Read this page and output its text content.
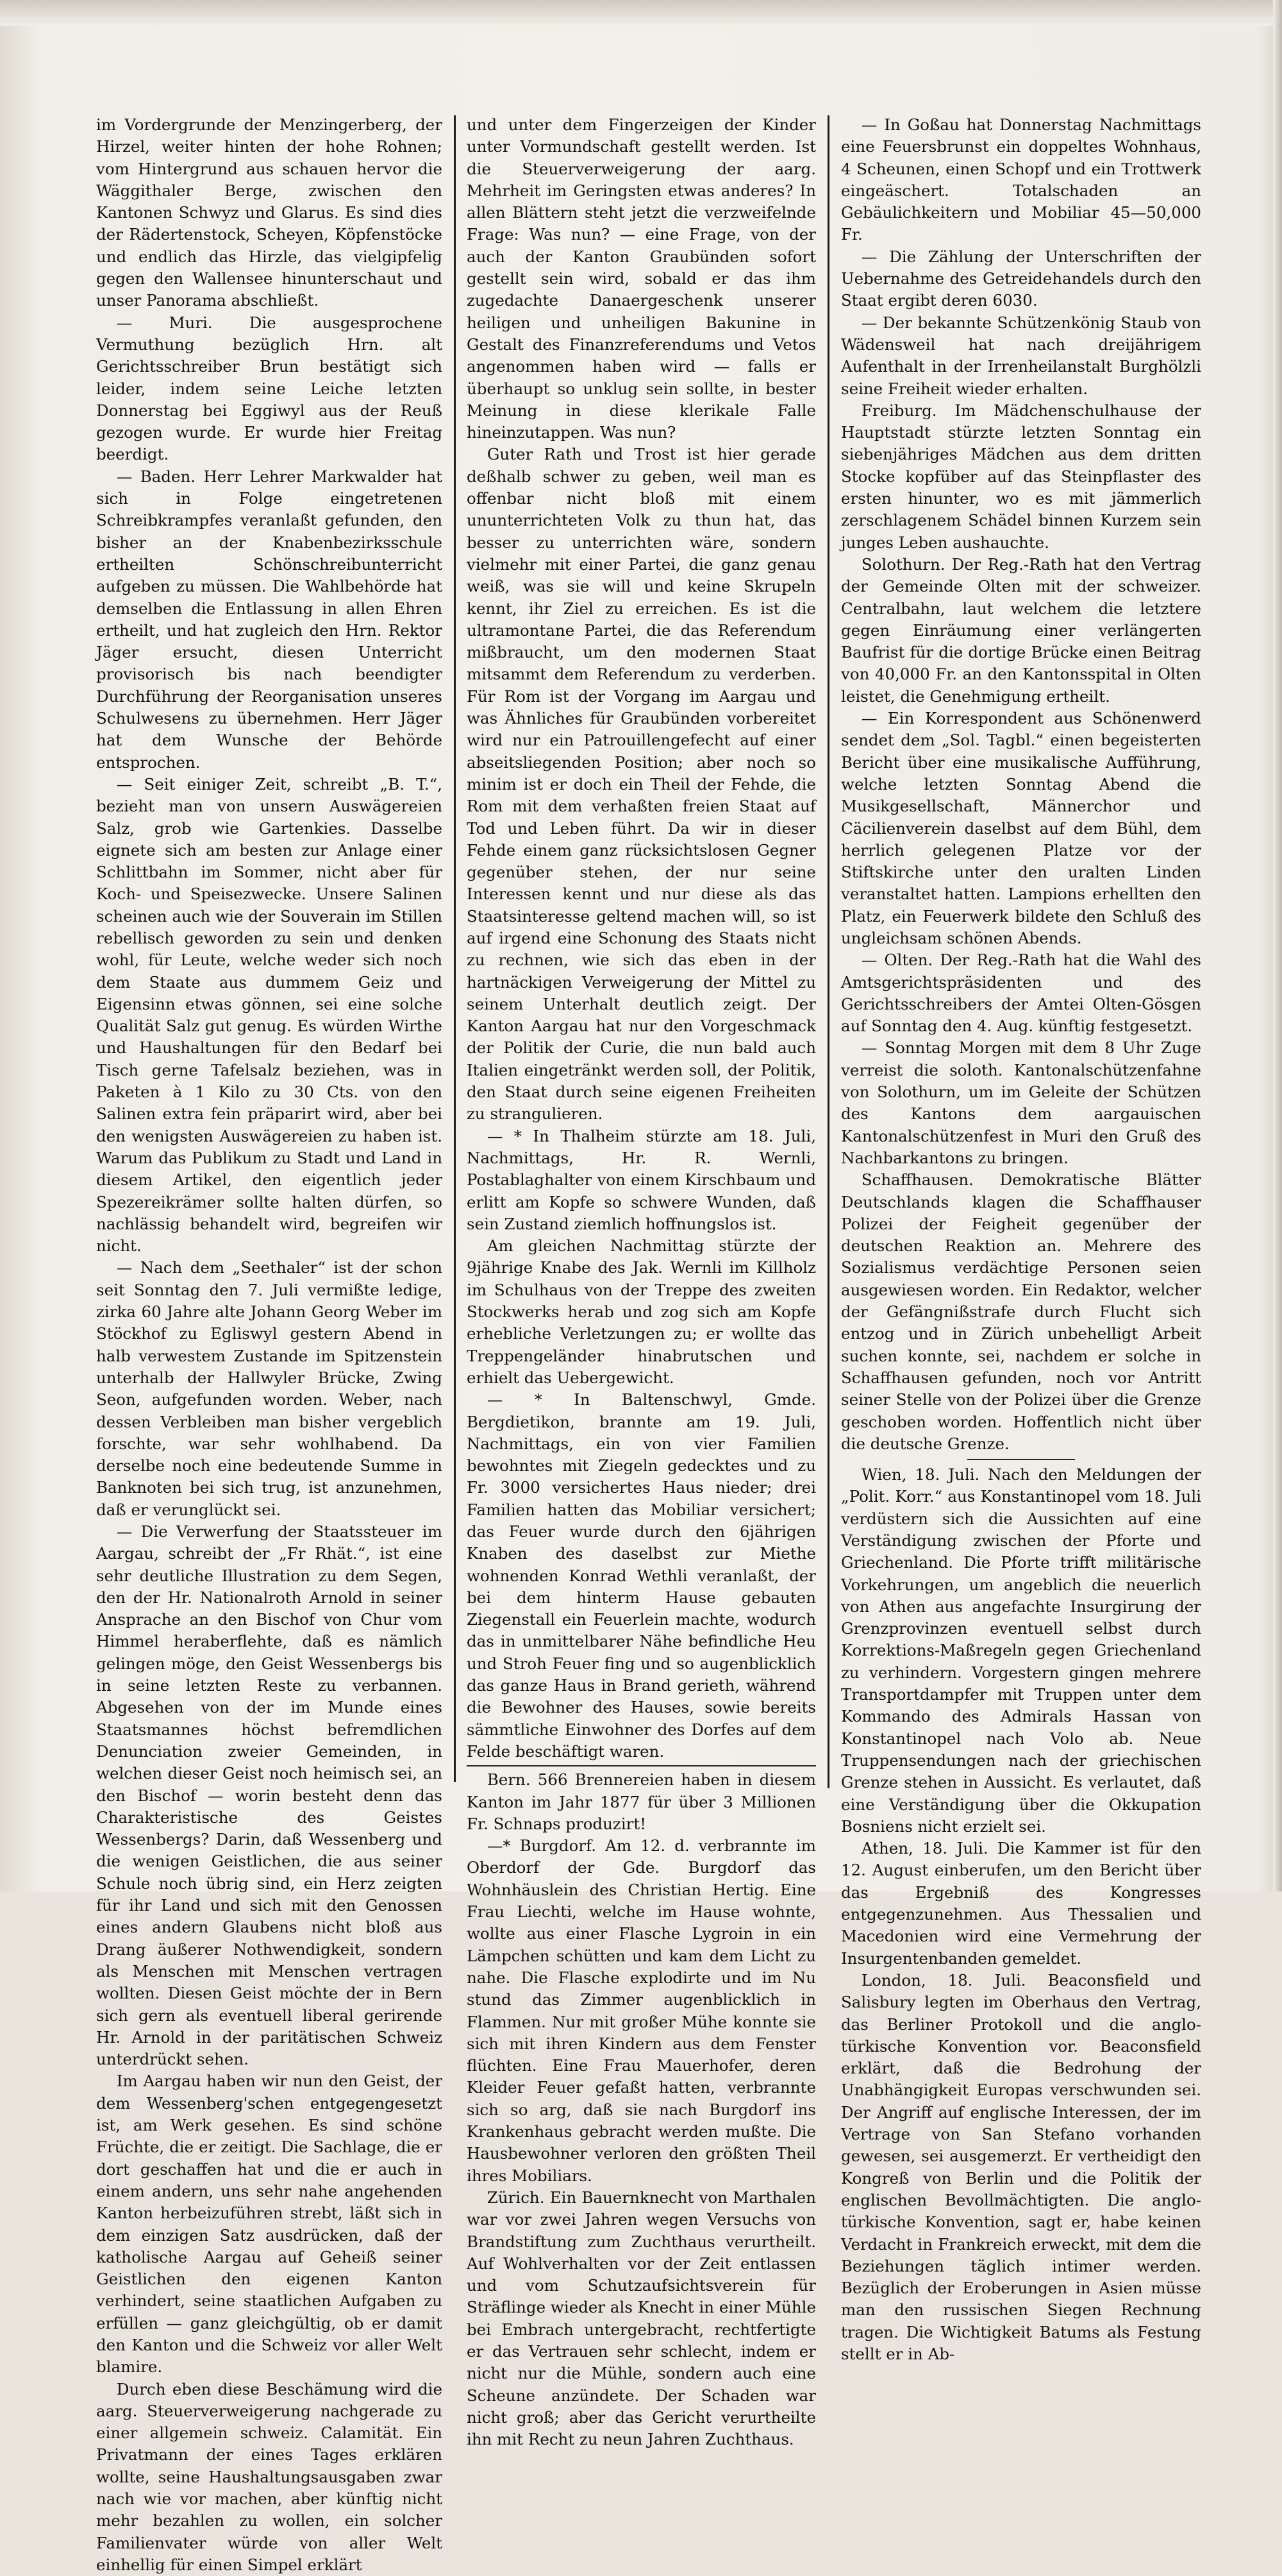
im Vordergrunde der Menzingerberg, der Hirzel, weiter hinten der hohe Rohnen; vom Hintergrund aus schauen hervor die Wäggithaler Berge, zwischen den Kantonen Schwyz und Glarus. Es sind dies der Rädertenstock, Scheyen, Köpfenstöcke und endlich das Hirzle, das vielgipfelig gegen den Wallensee hinunterschaut und unser Panorama abschließt.

— Muri. Die ausgesprochene Vermuthung bezüglich Hrn. alt Gerichtsschreiber Brun bestätigt sich leider, indem seine Leiche letzten Donnerstag bei Eggiwyl aus der Reuß gezogen wurde. Er wurde hier Freitag beerdigt.

— Baden. Herr Lehrer Markwalder hat sich in Folge eingetretenen Schreibkrampfes veranlaßt gefunden, den bisher an der Knabenbezirksschule ertheilten Schönschreibunterricht aufgeben zu müssen. Die Wahlbehörde hat demselben die Entlassung in allen Ehren ertheilt, und hat zugleich den Hrn. Rektor Jäger ersucht, diesen Unterricht provisorisch bis nach beendigter Durchführung der Reorganisation unseres Schulwesens zu übernehmen. Herr Jäger hat dem Wunsche der Behörde entsprochen.

— Seit einiger Zeit, schreibt „B. T.“, bezieht man von unsern Auswägereien Salz, grob wie Gartenkies. Dasselbe eignete sich am besten zur Anlage einer Schlittbahn im Sommer, nicht aber für Koch- und Speisezwecke. Unsere Salinen scheinen auch wie der Souverain im Stillen rebellisch geworden zu sein und denken wohl, für Leute, welche weder sich noch dem Staate aus dummem Geiz und Eigensinn etwas gönnen, sei eine solche Qualität Salz gut genug. Es würden Wirthe und Haushaltungen für den Bedarf bei Tisch gerne Tafelsalz beziehen, was in Paketen à 1 Kilo zu 30 Cts. von den Salinen extra fein präparirt wird, aber bei den wenigsten Auswägereien zu haben ist. Warum das Publikum zu Stadt und Land in diesem Artikel, den eigentlich jeder Spezereikrämer sollte halten dürfen, so nachlässig behandelt wird, begreifen wir nicht.

— Nach dem „Seethaler“ ist der schon seit Sonntag den 7. Juli vermißte ledige, zirka 60 Jahre alte Johann Georg Weber im Stöckhof zu Egliswyl gestern Abend in halb verwestem Zustande im Spitzenstein unterhalb der Hallwyler Brücke, Zwing Seon, aufgefunden worden. Weber, nach dessen Verbleiben man bisher vergeblich forschte, war sehr wohlhabend. Da derselbe noch eine bedeutende Summe in Banknoten bei sich trug, ist anzunehmen, daß er verunglückt sei.

— Die Verwerfung der Staatssteuer im Aargau, schreibt der „Fr Rhät.“, ist eine sehr deutliche Illustration zu dem Segen, den der Hr. Nationalroth Arnold in seiner Ansprache an den Bischof von Chur vom Himmel heraberflehte, daß es nämlich gelingen möge, den Geist Wessenbergs bis in seine letzten Reste zu verbannen. Abgesehen von der im Munde eines Staatsmannes höchst befremdlichen Denunciation zweier Gemeinden, in welchen dieser Geist noch heimisch sei, an den Bischof — worin besteht denn das Charakteristische des Geistes Wessenbergs? Darin, daß Wessenberg und die wenigen Geistlichen, die aus seiner Schule noch übrig sind, ein Herz zeigten für ihr Land und sich mit den Genossen eines andern Glaubens nicht bloß aus Drang äußerer Nothwendigkeit, sondern als Menschen mit Menschen vertragen wollten. Diesen Geist möchte der in Bern sich gern als eventuell liberal gerirende Hr. Arnold in der paritätischen Schweiz unterdrückt sehen.

Im Aargau haben wir nun den Geist, der dem Wessenberg'schen entgegengesetzt ist, am Werk gesehen. Es sind schöne Früchte, die er zeitigt. Die Sachlage, die er dort geschaffen hat und die er auch in einem andern, uns sehr nahe angehenden Kanton herbeizuführen strebt, läßt sich in dem einzigen Satz ausdrücken, daß der katholische Aargau auf Geheiß seiner Geistlichen den eigenen Kanton verhindert, seine staatlichen Aufgaben zu erfüllen — ganz gleichgültig, ob er damit den Kanton und die Schweiz vor aller Welt blamire.

Durch eben diese Beschämung wird die aarg. Steuerverweigerung nachgerade zu einer allgemein schweiz. Calamität. Ein Privatmann der eines Tages erklären wollte, seine Haushaltungsausgaben zwar nach wie vor machen, aber künftig nicht mehr bezahlen zu wollen, ein solcher Familienvater würde von aller Welt einhellig für einen Simpel erklärt

und unter dem Fingerzeigen der Kinder unter Vormundschaft gestellt werden. Ist die Steuerverweigerung der aarg. Mehrheit im Geringsten etwas anderes? In allen Blättern steht jetzt die verzweifelnde Frage: Was nun? — eine Frage, von der auch der Kanton Graubünden sofort gestellt sein wird, sobald er das ihm zugedachte Danaergeschenk unserer heiligen und unheiligen Bakunine in Gestalt des Finanzreferendums und Vetos angenommen haben wird — falls er überhaupt so unklug sein sollte, in bester Meinung in diese klerikale Falle hineinzutappen. Was nun?

Guter Rath und Trost ist hier gerade deßhalb schwer zu geben, weil man es offenbar nicht bloß mit einem ununterrichteten Volk zu thun hat, das besser zu unterrichten wäre, sondern vielmehr mit einer Partei, die ganz genau weiß, was sie will und keine Skrupeln kennt, ihr Ziel zu erreichen. Es ist die ultramontane Partei, die das Referendum mißbraucht, um den modernen Staat mitsammt dem Referendum zu verderben. Für Rom ist der Vorgang im Aargau und was Ähnliches für Graubünden vorbereitet wird nur ein Patrouillengefecht auf einer abseitsliegenden Position; aber noch so minim ist er doch ein Theil der Fehde, die Rom mit dem verhaßten freien Staat auf Tod und Leben führt. Da wir in dieser Fehde einem ganz rücksichtslosen Gegner gegenüber stehen, der nur seine Interessen kennt und nur diese als das Staatsinteresse geltend machen will, so ist auf irgend eine Schonung des Staats nicht zu rechnen, wie sich das eben in der hartnäckigen Verweigerung der Mittel zu seinem Unterhalt deutlich zeigt. Der Kanton Aargau hat nur den Vorgeschmack der Politik der Curie, die nun bald auch Italien eingetränkt werden soll, der Politik, den Staat durch seine eigenen Freiheiten zu strangulieren.

— * In Thalheim stürzte am 18. Juli, Nachmittags, Hr. R. Wernli, Postablaghalter von einem Kirschbaum und erlitt am Kopfe so schwere Wunden, daß sein Zustand ziemlich hoffnungslos ist.

Am gleichen Nachmittag stürzte der 9jährige Knabe des Jak. Wernli im Killholz im Schulhaus von der Treppe des zweiten Stockwerks herab und zog sich am Kopfe erhebliche Verletzungen zu; er wollte das Treppengeländer hinabrutschen und erhielt das Uebergewicht.

— * In Baltenschwyl, Gmde. Bergdietikon, brannte am 19. Juli, Nachmittags, ein von vier Familien bewohntes mit Ziegeln gedecktes und zu Fr. 3000 versichertes Haus nieder; drei Familien hatten das Mobiliar versichert; das Feuer wurde durch den 6jährigen Knaben des daselbst zur Miethe wohnenden Konrad Wethli veranlaßt, der bei dem hinterm Hause gebauten Ziegenstall ein Feuerlein machte, wodurch das in unmittelbarer Nähe befindliche Heu und Stroh Feuer fing und so augenblicklich das ganze Haus in Brand gerieth, während die Bewohner des Hauses, sowie bereits sämmtliche Einwohner des Dorfes auf dem Felde beschäftigt waren.

Bern. 566 Brennereien haben in diesem Kanton im Jahr 1877 für über 3 Millionen Fr. Schnaps produzirt!

—* Burgdorf. Am 12. d. verbrannte im Oberdorf der Gde. Burgdorf das Wohnhäuslein des Christian Hertig. Eine Frau Liechti, welche im Hause wohnte, wollte aus einer Flasche Lygroin in ein Lämpchen schütten und kam dem Licht zu nahe. Die Flasche explodirte und im Nu stund das Zimmer augenblicklich in Flammen. Nur mit großer Mühe konnte sie sich mit ihren Kindern aus dem Fenster flüchten. Eine Frau Mauerhofer, deren Kleider Feuer gefaßt hatten, verbrannte sich so arg, daß sie nach Burgdorf ins Krankenhaus gebracht werden mußte. Die Hausbewohner verloren den größten Theil ihres Mobiliars.

Zürich. Ein Bauernknecht von Marthalen war vor zwei Jahren wegen Versuchs von Brandstiftung zum Zuchthaus verurtheilt. Auf Wohlverhalten vor der Zeit entlassen und vom Schutzaufsichtsverein für Sträflinge wieder als Knecht in einer Mühle bei Embrach untergebracht, rechtfertigte er das Vertrauen sehr schlecht, indem er nicht nur die Mühle, sondern auch eine Scheune anzündete. Der Schaden war nicht groß; aber das Gericht verurtheilte ihn mit Recht zu neun Jahren Zuchthaus.

— In Goßau hat Donnerstag Nachmittags eine Feuersbrunst ein doppeltes Wohnhaus, 4 Scheunen, einen Schopf und ein Trottwerk eingeäschert. Totalschaden an Gebäulichkeitern und Mobiliar 45—50,000 Fr.

— Die Zählung der Unterschriften der Uebernahme des Getreidehandels durch den Staat ergibt deren 6030.

— Der bekannte Schützenkönig Staub von Wädensweil hat nach dreijährigem Aufenthalt in der Irrenheilanstalt Burghölzli seine Freiheit wieder erhalten.

Freiburg. Im Mädchenschulhause der Hauptstadt stürzte letzten Sonntag ein siebenjähriges Mädchen aus dem dritten Stocke kopfüber auf das Steinpflaster des ersten hinunter, wo es mit jämmerlich zerschlagenem Schädel binnen Kurzem sein junges Leben aushauchte.

Solothurn. Der Reg.-Rath hat den Vertrag der Gemeinde Olten mit der schweizer. Centralbahn, laut welchem die letztere gegen Einräumung einer verlängerten Baufrist für die dortige Brücke einen Beitrag von 40,000 Fr. an den Kantonsspital in Olten leistet, die Genehmigung ertheilt.

— Ein Korrespondent aus Schönenwerd sendet dem „Sol. Tagbl.“ einen begeisterten Bericht über eine musikalische Aufführung, welche letzten Sonntag Abend die Musikgesellschaft, Männerchor und Cäcilienverein daselbst auf dem Bühl, dem herrlich gelegenen Platze vor der Stiftskirche unter den uralten Linden veranstaltet hatten. Lampions erhellten den Platz, ein Feuerwerk bildete den Schluß des ungleichsam schönen Abends.

— Olten. Der Reg.-Rath hat die Wahl des Amtsgerichtspräsidenten und des Gerichtsschreibers der Amtei Olten-Gösgen auf Sonntag den 4. Aug. künftig festgesetzt.

— Sonntag Morgen mit dem 8 Uhr Zuge verreist die soloth. Kantonalschützenfahne von Solothurn, um im Geleite der Schützen des Kantons dem aargauischen Kantonalschützenfest in Muri den Gruß des Nachbarkantons zu bringen.

Schaffhausen. Demokratische Blätter Deutschlands klagen die Schaffhauser Polizei der Feigheit gegenüber der deutschen Reaktion an. Mehrere des Sozialismus verdächtige Personen seien ausgewiesen worden. Ein Redaktor, welcher der Gefängnißstrafe durch Flucht sich entzog und in Zürich unbehelligt Arbeit suchen konnte, sei, nachdem er solche in Schaffhausen gefunden, noch vor Antritt seiner Stelle von der Polizei über die Grenze geschoben worden. Hoffentlich nicht über die deutsche Grenze.

Wien, 18. Juli. Nach den Meldungen der „Polit. Korr.“ aus Konstantinopel vom 18. Juli verdüstern sich die Aussichten auf eine Verständigung zwischen der Pforte und Griechenland. Die Pforte trifft militärische Vorkehrungen, um angeblich die neuerlich von Athen aus angefachte Insurgirung der Grenzprovinzen eventuell selbst durch Korrektions-Maßregeln gegen Griechenland zu verhindern. Vorgestern gingen mehrere Transportdampfer mit Truppen unter dem Kommando des Admirals Hassan von Konstantinopel nach Volo ab. Neue Truppensendungen nach der griechischen Grenze stehen in Aussicht. Es verlautet, daß eine Verständigung über die Okkupation Bosniens nicht erzielt sei.

Athen, 18. Juli. Die Kammer ist für den 12. August einberufen, um den Bericht über das Ergebniß des Kongresses entgegenzunehmen. Aus Thessalien und Macedonien wird eine Vermehrung der Insurgentenbanden gemeldet.

London, 18. Juli. Beaconsfield und Salisbury legten im Oberhaus den Vertrag, das Berliner Protokoll und die anglo-türkische Konvention vor. Beaconsfield erklärt, daß die Bedrohung der Unabhängigkeit Europas verschwunden sei. Der Angriff auf englische Interessen, der im Vertrage von San Stefano vorhanden gewesen, sei ausgemerzt. Er vertheidigt den Kongreß von Berlin und die Politik der englischen Bevollmächtigten. Die anglo-türkische Konvention, sagt er, habe keinen Verdacht in Frankreich erweckt, mit dem die Beziehungen täglich intimer werden. Bezüglich der Eroberungen in Asien müsse man den russischen Siegen Rechnung tragen. Die Wichtigkeit Batums als Festung stellt er in Ab-
